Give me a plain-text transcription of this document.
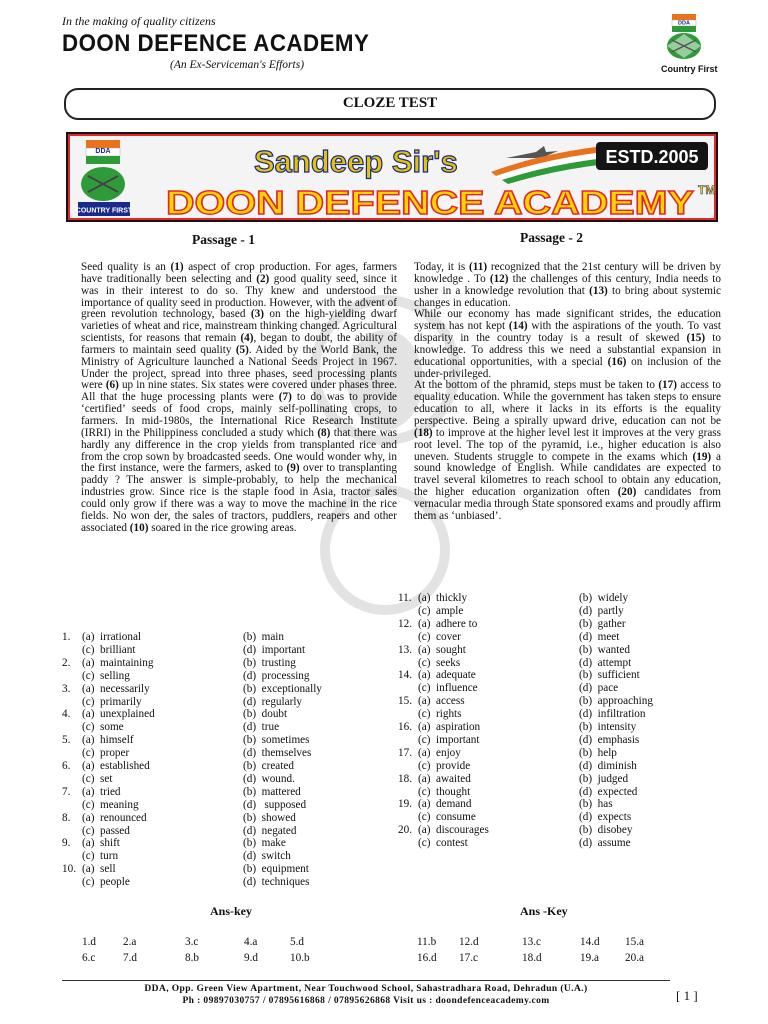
In the making of quality citizens
DOON DEFENCE ACADEMY
(An Ex-Serviceman's Efforts)
DDA
Country First
CLOZE TEST
DDA
COUNTRY FIRST
Sandeep Sir's	ESTD.2005
DOON DEFENCE ACADEMY TM
Passage - 1	Passage - 2
Seed quality is an (1) aspect of crop production. For ages, farmers have traditionally been selecting and (2) good quality seed, since it was in their interest to do so. Thy knew and understood the importance of quality seed in production. However, with the advent of green revolution technology, based (3) on the high-yielding dwarf varieties of wheat and rice, mainstream thinking changed. Agricultural scientists, for reasons that remain (4), began to doubt, the ability of farmers to maintain seed quality (5). Aided by the World Bank, the Ministry of Agriculture launched a National Seeds Project in 1967. Under the project, spread into three phases, seed processing plants were (6) up in nine states. Six states were covered under phases three. All that the huge processing plants were (7) to do was to provide ‘certified’ seeds of food crops, mainly self-pollinating crops, to farmers. In mid-1980s, the International Rice Research Institute (IRRI) in the Philippiness concluded a study which (8) that there was hardly any difference in the crop yields from transplanted rice and from the crop sown by broadcasted seeds. One would wonder why, in the first instance, were the farmers, asked to (9) over to transplanting paddy ? The answer is simple-probably, to help the mechanical industries grow. Since rice is the staple food in Asia, tractor sales could only grow if there was a way to move the machine in the rice fields. No won der, the sales of tractors, puddlers, reapers and other associated (10) soared in the rice growing areas.

Today, it is (11) recognized that the 21st century will be driven by knowledge . To (12) the challenges of this century, India needs to usher in a knowledge revolution that (13) to bring about systemic changes in education.

While our economy has made significant strides, the education system has not kept (14) with the aspirations of the youth. To vast disparity in the country today is a result of skewed (15) to knowledge. To address this we need a substantial expansion in educational opportunities, with a special (16) on inclusion of the under-privileged.

At the bottom of the phramid, steps must be taken to (17) access to equality education. While the government has taken steps to ensure education to all, where it lacks in its efforts is the equality perspective. Being a spirally upward drive, education can not be (18) to improve at the higher level lest it improves at the very grass root level. The top of the pyramid, i.e., higher education is also uneven. Students struggle to compete in the exams which (19) a sound knowledge of English. While candidates are expected to travel several kilometres to reach school to obtain any education, the higher education organization often (20) candidates from vernacular media through State sponsored exams and proudly affirm them as ‘unbiased’.

1. (a)  irrational	(b)  main
(c)  brilliant	(d)  important
2. (a)  maintaining	(b)  trusting
(c)  selling	(d)  processing
3. (a)  necessarily	(b)  exceptionally
(c)  primarily	(d)  regularly
4. (a)  unexplained	(b)  doubt
(c)  some	(d)  true
5. (a)  himself	(b)  sometimes
(c)  proper	(d)  themselves
6. (a)  established	(b)  created
(c)  set	(d)  wound.
7. (a)  tried	(b)  mattered
(c)  meaning	(d)   supposed
8. (a)  renounced	(b)  showed
(c)  passed	(d)  negated
9. (a)  shift	(b)  make
(c)  turn	(d)  switch
10. (a)  sell	(b)  equipment
(c)  people	(d)  techniques
11. (a)  thickly	(b)  widely
(c)  ample	(d)  partly
12. (a)  adhere to	(b)  gather
(c)  cover	(d)  meet
13. (a)  sought	(b)  wanted
(c)  seeks	(d)  attempt
14. (a)  adequate	(b)  sufficient
(c)  influence	(d)  pace
15. (a)  access	(b)  approaching
(c)  rights	(d)  infiltration
16. (a)  aspiration	(b)  intensity
(c)  important	(d)  emphasis
17. (a)  enjoy	(b)  help
(c)  provide	(d)  diminish
18. (a)  awaited	(b)  judged
(c)  thought	(d)  expected
19. (a)  demand	(b)  has
(c)  consume	(d)  expects
20. (a)  discourages	(b)  disobey
(c)  contest	(d)  assume
Ans-key	Ans -Key
1.d 2.a	3.c	4.a	5.d
6.c 7.d	8.b	9.d	10.b
11.b 12.d	13.c	14.d 15.a
16.d 17.c	18.d	19.a 20.a
DDA, Opp. Green View Apartment, Near Touchwood School, Sahastradhara Road, Dehradun (U.A.)
Ph : 09897030757 / 07895616868 / 07895626868 Visit us : doondefenceacademy.com	[ 1 ]
